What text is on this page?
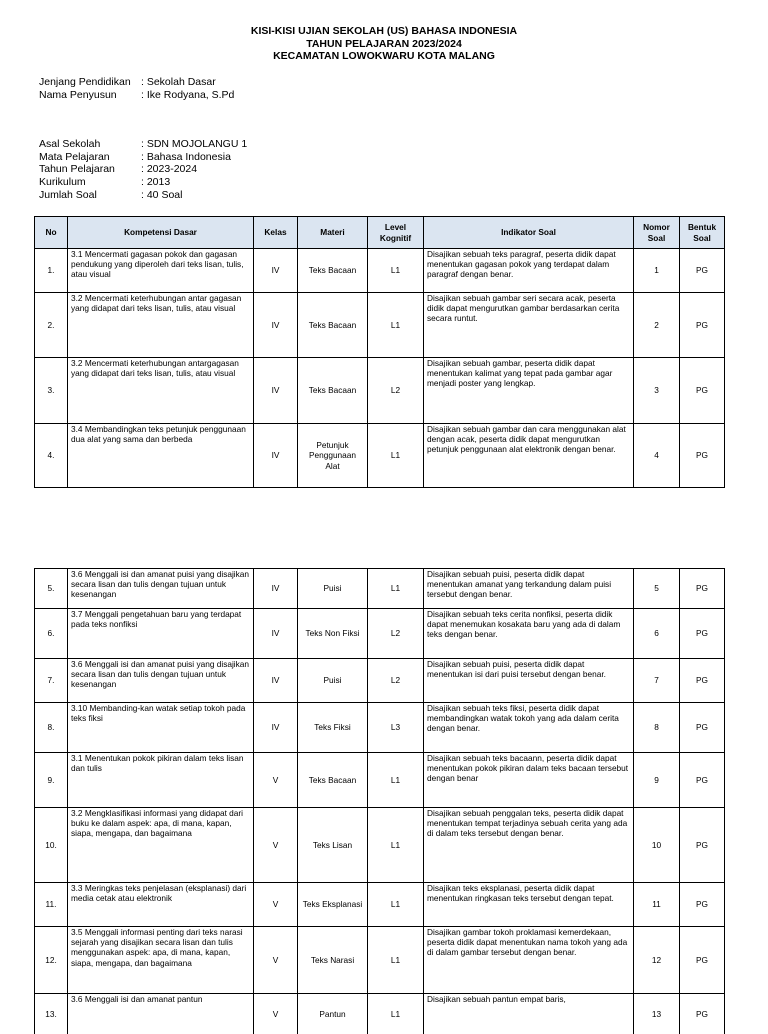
KISI-KISI UJIAN SEKOLAH (US) BAHASA INDONESIA
TAHUN PELAJARAN 2023/2024
KECAMATAN LOWOKWARU KOTA MALANG
Jenjang Pendidikan	: Sekolah Dasar
Nama Penyusun	: Ike Rodyana, S.Pd
Asal Sekolah	: SDN MOJOLANGU 1
Mata Pelajaran	: Bahasa Indonesia
Tahun Pelajaran	: 2023-2024
Kurikulum	: 2013
Jumlah Soal	: 40 Soal
No	Kompetensi Dasar	Kelas	Materi	Level Kognitif	Indikator Soal	Nomor Soal	Bentuk Soal
1.	3.1 Mencermati gagasan pokok dan gagasan pendukung yang diperoleh dari teks lisan, tulis, atau visual	IV	Teks Bacaan	L1	Disajikan sebuah teks paragraf, peserta didik dapat menentukan gagasan pokok yang terdapat dalam paragraf dengan benar.	1	PG
2.	3.2 Mencermati keterhubungan antar gagasan yang didapat dari teks lisan, tulis, atau visual	IV	Teks Bacaan	L1	Disajikan sebuah gambar seri secara acak, peserta didik dapat mengurutkan gambar berdasarkan cerita secara runtut.	2	PG
3.	3.2 Mencermati keterhubungan antargagasan yang didapat dari teks lisan, tulis, atau visual	IV	Teks Bacaan	L2	Disajikan sebuah gambar, peserta didik dapat menentukan kalimat yang tepat pada gambar agar menjadi poster yang lengkap.	3	PG
4.	3.4 Membandingkan teks petunjuk penggunaan dua alat yang sama dan berbeda	IV	Petunjuk Penggunaan Alat	L1	Disajikan sebuah gambar dan cara menggunakan alat dengan acak, peserta didik dapat mengurutkan petunjuk penggunaan alat elektronik dengan benar.	4	PG
5.	3.6 Menggali isi dan amanat puisi yang disajikan secara lisan dan tulis dengan tujuan untuk kesenangan	IV	Puisi	L1	Disajikan sebuah puisi, peserta didik dapat menentukan amanat yang terkandung dalam puisi tersebut dengan benar.	5	PG
6.	3.7 Menggali pengetahuan baru yang terdapat pada teks nonfiksi	IV	Teks Non Fiksi	L2	Disajikan sebuah teks cerita nonfiksi, peserta didik dapat menemukan kosakata baru yang ada di dalam teks dengan benar.	6	PG
7.	3.6 Menggali isi dan amanat puisi yang disajikan secara lisan dan tulis dengan tujuan untuk kesenangan	IV	Puisi	L2	Disajikan sebuah puisi, peserta didik dapat menentukan isi dari puisi tersebut dengan benar.	7	PG
8.	3.10 Membanding-kan watak setiap tokoh pada teks fiksi	IV	Teks Fiksi	L3	Disajikan sebuah teks fiksi, peserta didik dapat membandingkan watak tokoh yang ada dalam cerita dengan benar.	8	PG
9.	3.1 Menentukan pokok pikiran dalam teks lisan dan tulis	V	Teks Bacaan	L1	Disajikan sebuah teks bacaann, peserta didik dapat menentukan pokok pikiran dalam teks bacaan tersebut dengan benar	9	PG
10.	3.2 Mengklasifikasi informasi yang didapat dari buku ke dalam aspek: apa, di mana, kapan, siapa, mengapa, dan bagaimana	V	Teks Lisan	L1	Disajikan sebuah penggalan teks, peserta didik dapat menentukan tempat terjadinya sebuah cerita yang ada di dalam teks tersebut dengan benar.	10	PG
11.	3.3 Meringkas teks penjelasan (eksplanasi) dari media cetak atau elektronik	V	Teks Eksplanasi	L1	Disajikan teks eksplanasi, peserta didik dapat menentukan ringkasan teks tersebut dengan tepat.	11	PG
12.	3.5 Menggali informasi penting dari teks narasi sejarah yang disajikan secara lisan dan tulis menggunakan aspek: apa, di mana, kapan, siapa, mengapa, dan bagaimana	V	Teks Narasi	L1	Disajikan gambar tokoh proklamasi kemerdekaan, peserta didik dapat menentukan nama tokoh yang ada di dalam gambar tersebut dengan benar.	12	PG
13.	3.6 Menggali isi dan amanat pantun	V	Pantun	L1	Disajikan sebuah pantun empat baris,	13	PG
